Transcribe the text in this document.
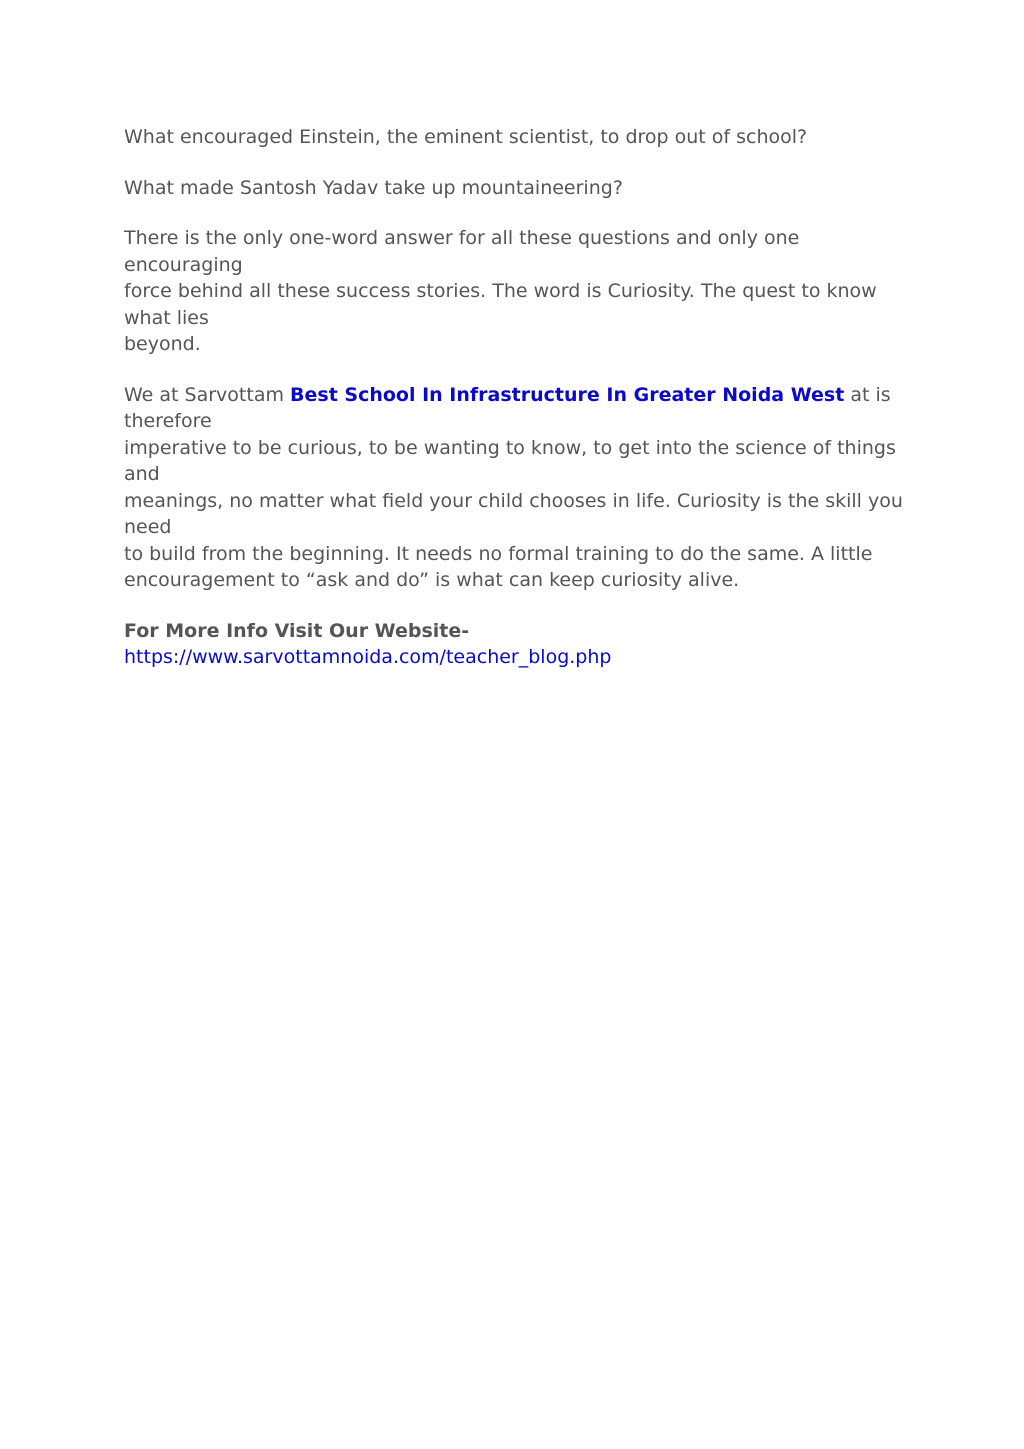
What encouraged Einstein, the eminent scientist, to drop out of school?

What made Santosh Yadav take up mountaineering?

There is the only one-word answer for all these questions and only one encouraging
force behind all these success stories. The word is Curiosity. The quest to know what lies
beyond.

We at Sarvottam Best School In Infrastructure In Greater Noida West at is therefore
imperative to be curious, to be wanting to know, to get into the science of things and
meanings, no matter what field your child chooses in life. Curiosity is the skill you need
to build from the beginning. It needs no formal training to do the same. A little
encouragement to “ask and do” is what can keep curiosity alive.

For More Info Visit Our Website-https://www.sarvottamnoida.com/teacher_blog.php
